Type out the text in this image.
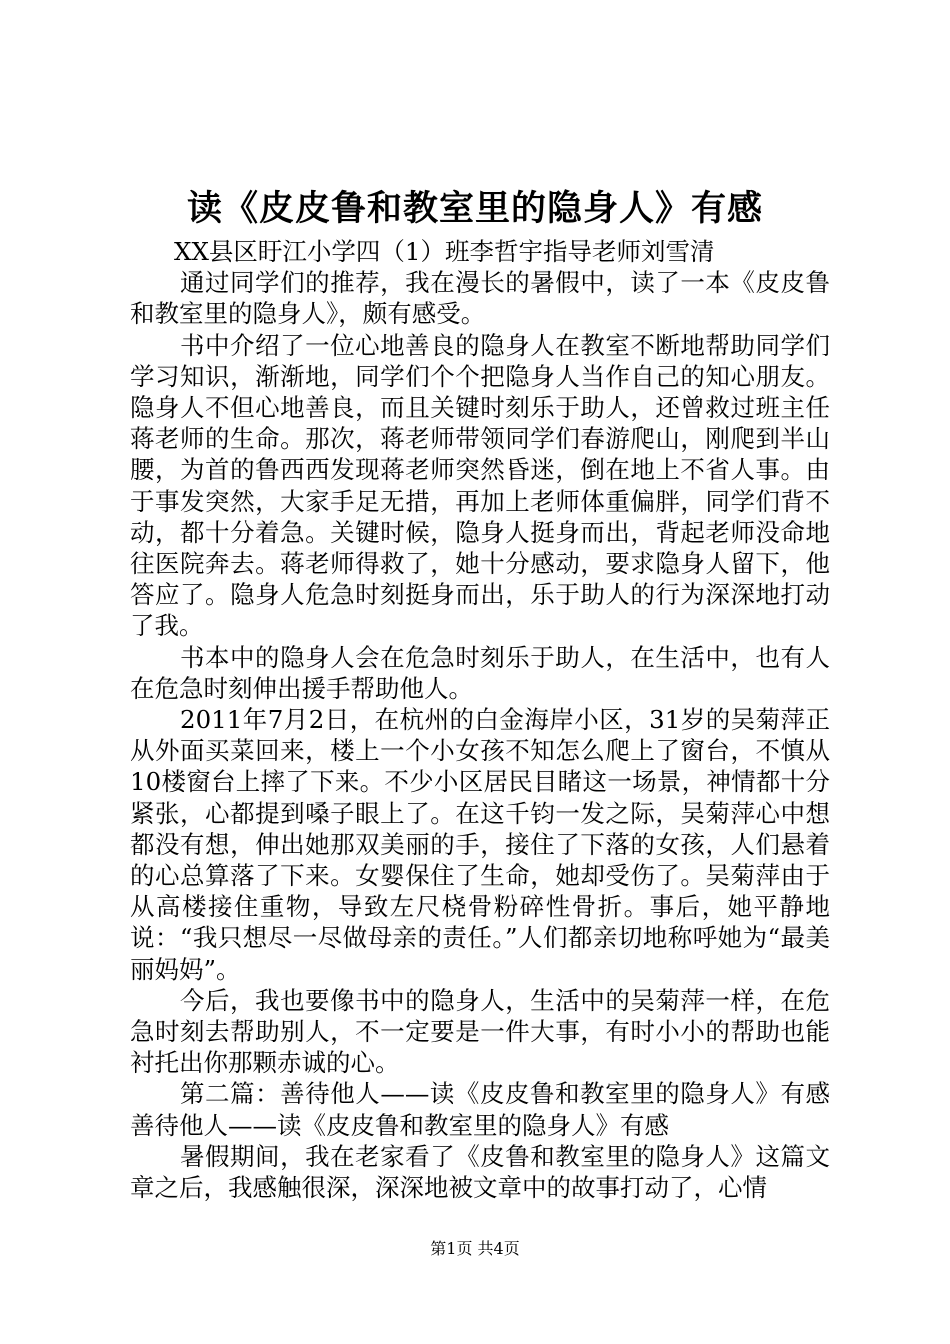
读《皮皮鲁和教室里的隐身人》有感

XX县区盱江小学四（1）班李哲宇指导老师刘雪清

通过同学们的推荐，我在漫长的暑假中，读了一本《皮皮鲁和教室里的隐身人》，颇有感受。

书中介绍了一位心地善良的隐身人在教室不断地帮助同学们学习知识，渐渐地，同学们个个把隐身人当作自己的知心朋友。隐身人不但心地善良，而且关键时刻乐于助人，还曾救过班主任蒋老师的生命。那次，蒋老师带领同学们春游爬山，刚爬到半山腰，为首的鲁西西发现蒋老师突然昏迷，倒在地上不省人事。由于事发突然，大家手足无措，再加上老师体重偏胖，同学们背不动，都十分着急。关键时候，隐身人挺身而出，背起老师没命地往医院奔去。蒋老师得救了，她十分感动，要求隐身人留下，他答应了。隐身人危急时刻挺身而出，乐于助人的行为深深地打动了我。

书本中的隐身人会在危急时刻乐于助人，在生活中，也有人在危急时刻伸出援手帮助他人。

2011年7月2日，在杭州的白金海岸小区，31岁的吴菊萍正从外面买菜回来，楼上一个小女孩不知怎么爬上了窗台，不慎从10楼窗台上摔了下来。不少小区居民目睹这一场景，神情都十分紧张，心都提到嗓子眼上了。在这千钧一发之际，吴菊萍心中想都没有想，伸出她那双美丽的手，接住了下落的女孩，人们悬着的心总算落了下来。女婴保住了生命，她却受伤了。吴菊萍由于从高楼接住重物，导致左尺桡骨粉碎性骨折。事后，她平静地说：“我只想尽一尽做母亲的责任。”人们都亲切地称呼她为“最美丽妈妈”。

今后，我也要像书中的隐身人，生活中的吴菊萍一样，在危急时刻去帮助别人，不一定要是一件大事，有时小小的帮助也能衬托出你那颗赤诚的心。

第二篇：善待他人——读《皮皮鲁和教室里的隐身人》有感善待他人——读《皮皮鲁和教室里的隐身人》有感

暑假期间，我在老家看了《皮鲁和教室里的隐身人》这篇文章之后，我感触很深，深深地被文章中的故事打动了，心情

第1页 共4页
